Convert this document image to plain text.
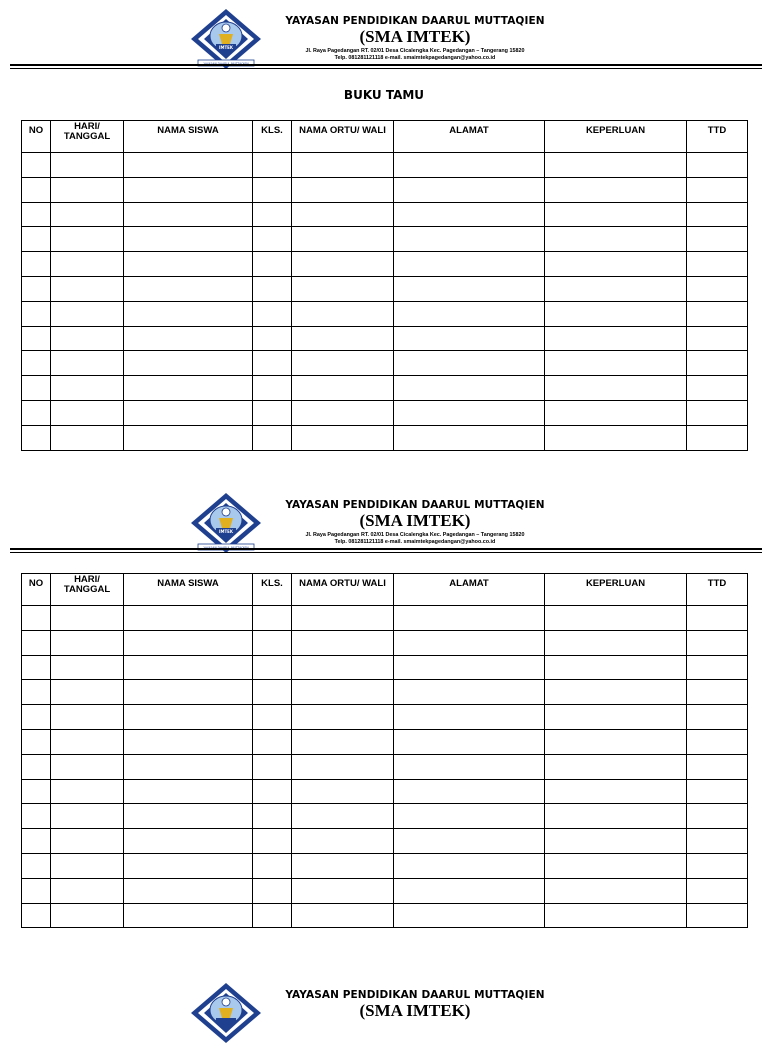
IMTEK
YAYASAN PENDIDIKAN DAARUL MUTTAQIEN
(SMA IMTEK)
Jl. Raya Pagedangan RT. 02/01 Desa Cicalengka Kec. Pagedangan – Tangerang 15820
Telp. 081281121118 e-mail. smaimtekpagedangan@yahoo.co.id
BUKU TAMU
NO	HARI/ TANGGAL	NAMA SISWA	KLS.	NAMA ORTU/ WALI	ALAMAT	KEPERLUAN	TTD

IMTEK
YAYASAN PENDIDIKAN DAARUL MUTTAQIEN
(SMA IMTEK)
Jl. Raya Pagedangan RT. 02/01 Desa Cicalengka Kec. Pagedangan – Tangerang 15820
Telp. 081281121118 e-mail. smaimtekpagedangan@yahoo.co.id
NO	HARI/ TANGGAL	NAMA SISWA	KLS.	NAMA ORTU/ WALI	ALAMAT	KEPERLUAN	TTD

YAYASAN PENDIDIKAN DAARUL MUTTAQIEN
(SMA IMTEK)
